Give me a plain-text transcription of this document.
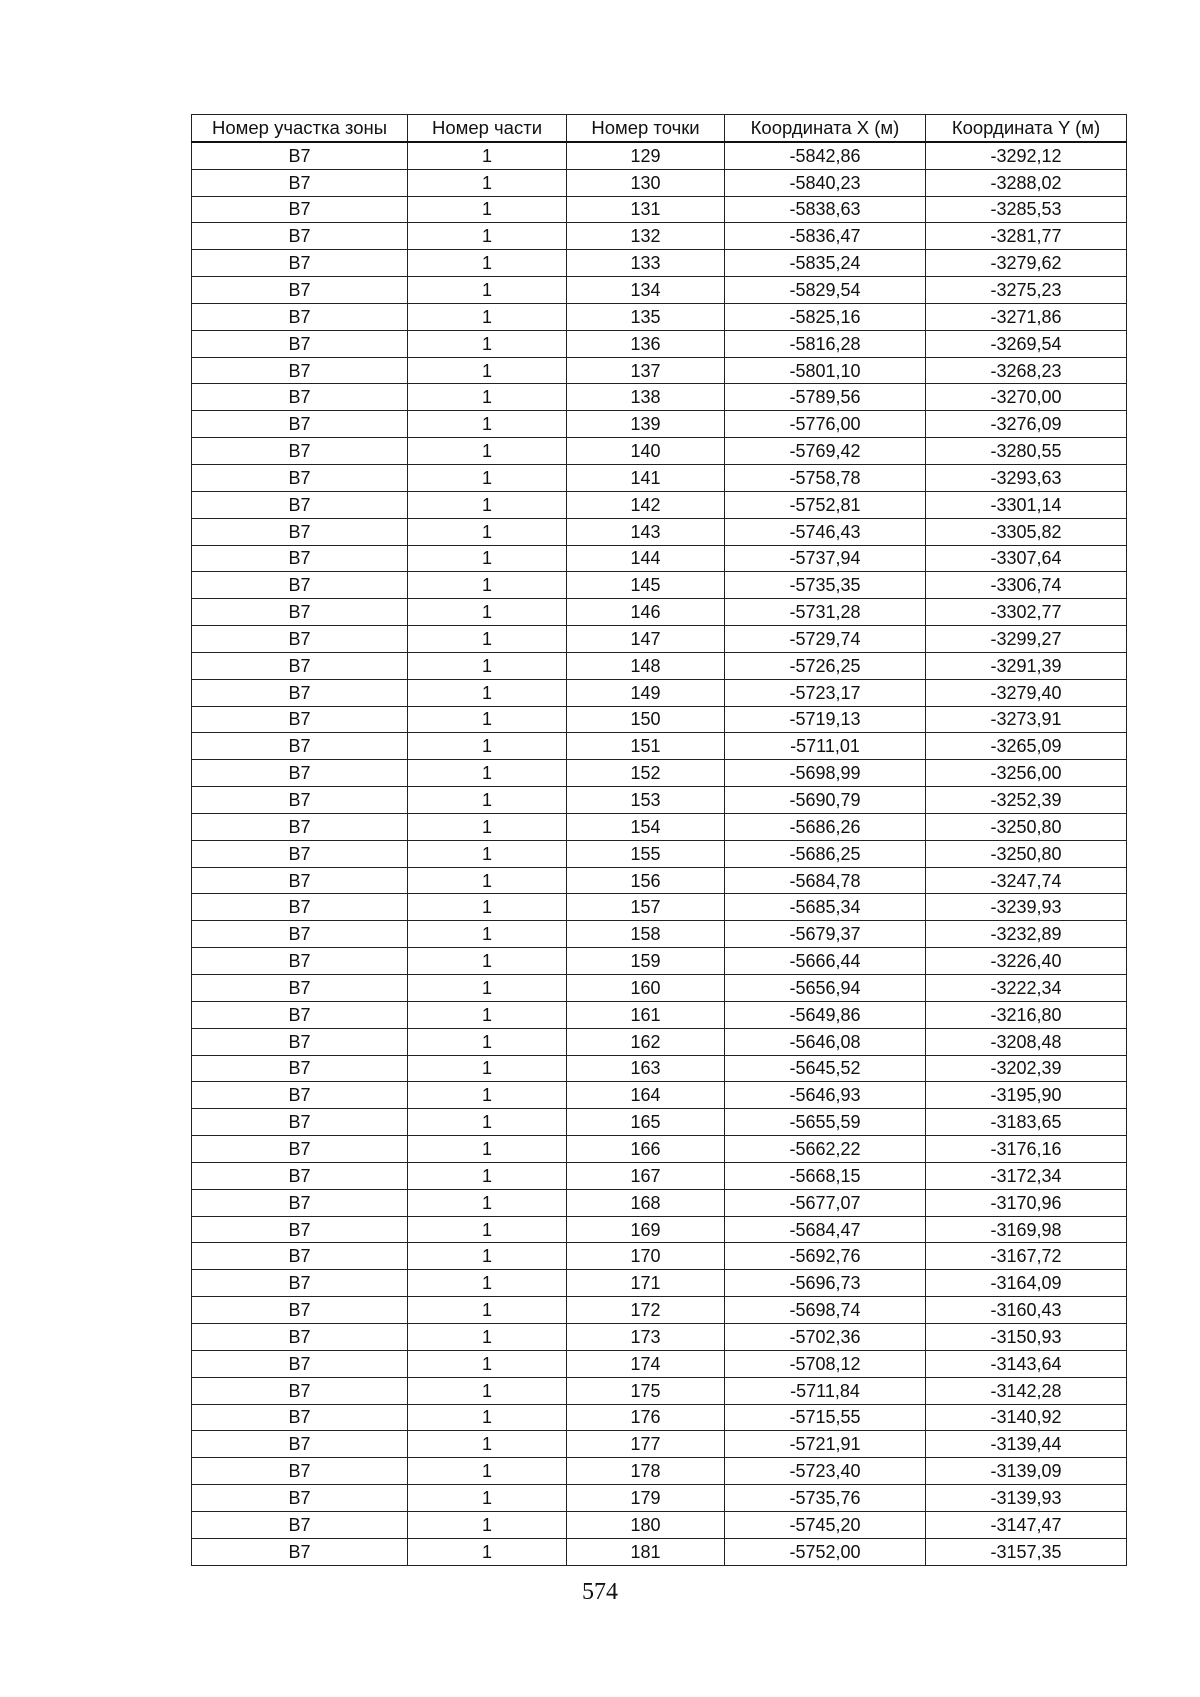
Номер участка зоны	Номер части	Номер точки	Координата X (м)	Координата Y (м)
В7	1	129	-5842,86	-3292,12
В7	1	130	-5840,23	-3288,02
В7	1	131	-5838,63	-3285,53
В7	1	132	-5836,47	-3281,77
В7	1	133	-5835,24	-3279,62
В7	1	134	-5829,54	-3275,23
В7	1	135	-5825,16	-3271,86
В7	1	136	-5816,28	-3269,54
В7	1	137	-5801,10	-3268,23
В7	1	138	-5789,56	-3270,00
В7	1	139	-5776,00	-3276,09
В7	1	140	-5769,42	-3280,55
В7	1	141	-5758,78	-3293,63
В7	1	142	-5752,81	-3301,14
В7	1	143	-5746,43	-3305,82
В7	1	144	-5737,94	-3307,64
В7	1	145	-5735,35	-3306,74
В7	1	146	-5731,28	-3302,77
В7	1	147	-5729,74	-3299,27
В7	1	148	-5726,25	-3291,39
В7	1	149	-5723,17	-3279,40
В7	1	150	-5719,13	-3273,91
В7	1	151	-5711,01	-3265,09
В7	1	152	-5698,99	-3256,00
В7	1	153	-5690,79	-3252,39
В7	1	154	-5686,26	-3250,80
В7	1	155	-5686,25	-3250,80
В7	1	156	-5684,78	-3247,74
В7	1	157	-5685,34	-3239,93
В7	1	158	-5679,37	-3232,89
В7	1	159	-5666,44	-3226,40
В7	1	160	-5656,94	-3222,34
В7	1	161	-5649,86	-3216,80
В7	1	162	-5646,08	-3208,48
В7	1	163	-5645,52	-3202,39
В7	1	164	-5646,93	-3195,90
В7	1	165	-5655,59	-3183,65
В7	1	166	-5662,22	-3176,16
В7	1	167	-5668,15	-3172,34
В7	1	168	-5677,07	-3170,96
В7	1	169	-5684,47	-3169,98
В7	1	170	-5692,76	-3167,72
В7	1	171	-5696,73	-3164,09
В7	1	172	-5698,74	-3160,43
В7	1	173	-5702,36	-3150,93
В7	1	174	-5708,12	-3143,64
В7	1	175	-5711,84	-3142,28
В7	1	176	-5715,55	-3140,92
В7	1	177	-5721,91	-3139,44
В7	1	178	-5723,40	-3139,09
В7	1	179	-5735,76	-3139,93
В7	1	180	-5745,20	-3147,47
В7	1	181	-5752,00	-3157,35
574
